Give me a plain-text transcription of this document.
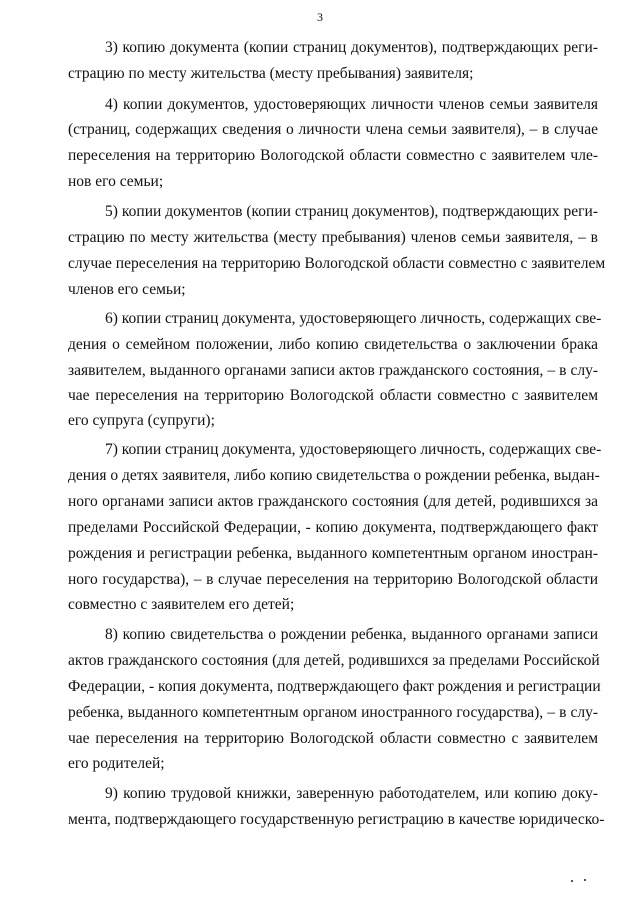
3
3) копию документа (копии страниц документов), подтверждающих реги-
страцию по месту жительства (месту пребывания) заявителя;
4) копии документов, удостоверяющих личности членов семьи заявителя
(страниц, содержащих сведения о личности члена семьи заявителя), – в случае
переселения на территорию Вологодской области совместно с заявителем чле-
нов его семьи;
5) копии документов (копии страниц документов), подтверждающих реги-
страцию по месту жительства (месту пребывания) членов семьи заявителя, – в
случае переселения на территорию Вологодской области совместно с заявителем
членов его семьи;
6) копии страниц документа, удостоверяющего личность, содержащих све-
дения о семейном положении, либо копию свидетельства о заключении брака
заявителем, выданного органами записи актов гражданского состояния, – в слу-
чае переселения на территорию Вологодской области совместно с заявителем
его супруга (супруги);
7) копии страниц документа, удостоверяющего личность, содержащих све-
дения о детях заявителя, либо копию свидетельства о рождении ребенка, выдан-
ного органами записи актов гражданского состояния (для детей, родившихся за
пределами Российской Федерации, - копию документа, подтверждающего факт
рождения и регистрации ребенка, выданного компетентным органом иностран-
ного государства), – в случае переселения на территорию Вологодской области
совместно с заявителем его детей;
8) копию свидетельства о рождении ребенка, выданного органами записи
актов гражданского состояния (для детей, родившихся за пределами Российской
Федерации, - копия документа, подтверждающего факт рождения и регистрации
ребенка, выданного компетентным органом иностранного государства), – в слу-
чае переселения на территорию Вологодской области совместно с заявителем
его родителей;
9) копию трудовой книжки, заверенную работодателем, или копию доку-
мента, подтверждающего государственную регистрацию в качестве юридическо-
